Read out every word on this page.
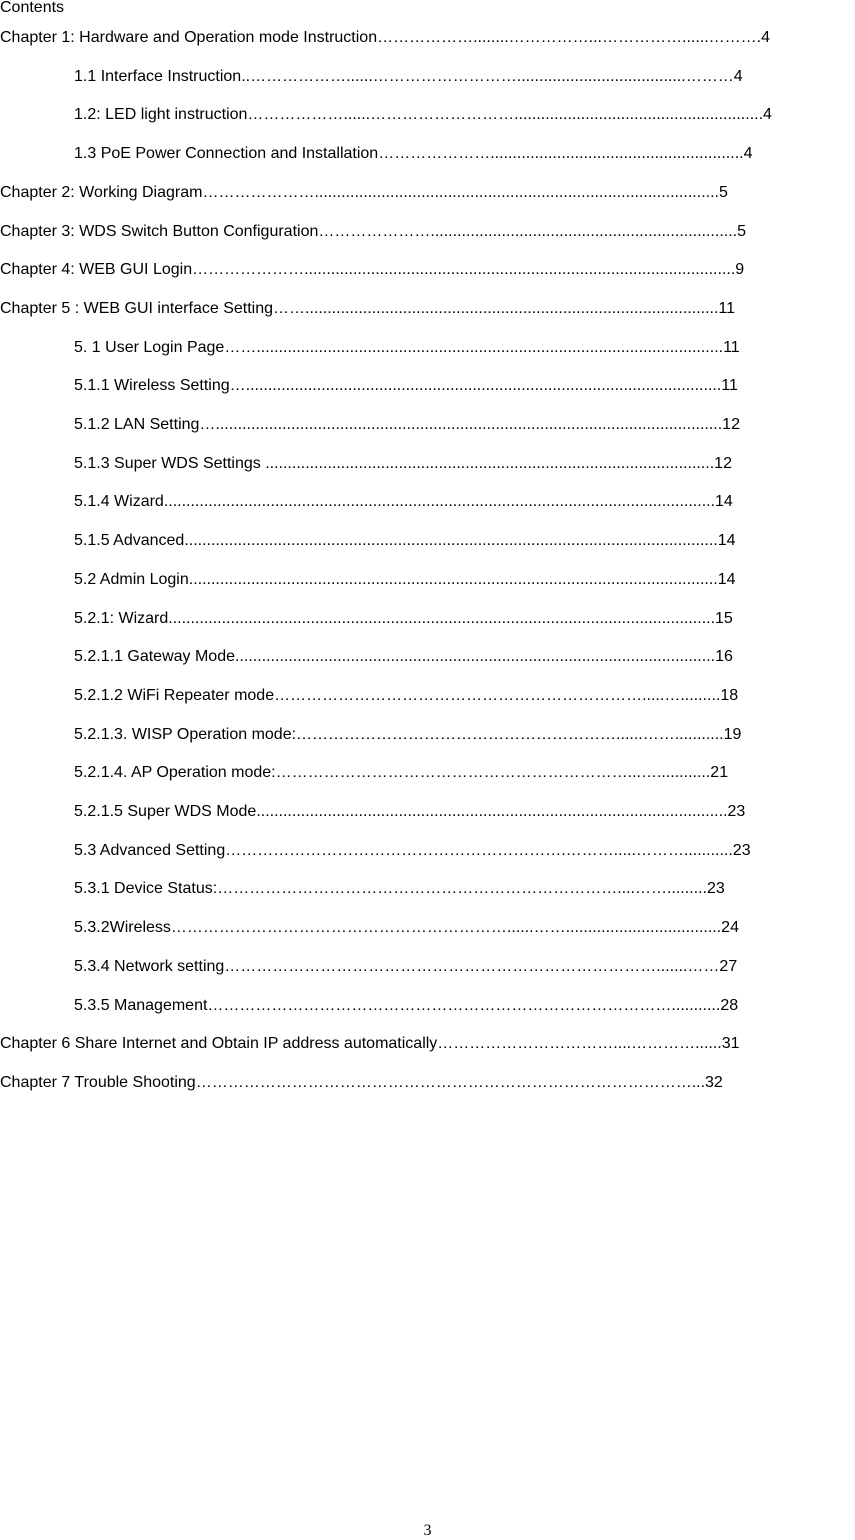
Contents
Chapter 1: Hardware and Operation mode Instruction………………........……………...……………......……….4
1.1 Interface Instruction..………………......………………………......................................………4
1.2: LED light instruction………………......………………………........................................................4
1.3 PoE Power Connection and Installation………………….........................................................4
Chapter 2: Working Diagram…………………...........................................................................................5
Chapter 3: WDS Switch Button Configuration………………….....................................................................5
Chapter 4: WEB GUI Login………………….................................................................................................9
Chapter 5 : WEB GUI interface Setting…….............................................................................................11
5. 1 User Login Page…….........................................................................................................11
5.1.1 Wireless Setting…...........................................................................................................11
5.1.2 LAN Setting…..................................................................................................................12
5.1.3 Super WDS Settings .....................................................................................................12
5.1.4 Wizard............................................................................................................................14
5.1.5 Advanced........................................................................................................................14
5.2 Admin Login.......................................................................................................................14
5.2.1: Wizard...........................................................................................................................15
5.2.1.1 Gateway Mode............................................................................................................16
5.2.1.2 WiFi Repeater mode…………………………………………………………….....….........18
5.2.1.3. WISP Operation mode:……………………………………………………......……...........19
5.2.1.4. AP Operation mode:…………………………………………………………...…............21
5.2.1.5 Super WDS Mode..........................................................................................................23
5.3 Advanced Setting……………………………………………………….……….....………...........23
5.3.1 Device Status:…………………………………………………………………....…….........23
5.3.2Wireless………………………………………………………......……...................................24
5.3.4 Network setting……………………………………………………………………….......……27
5.3.5 Management……………………………………………………………………………...........28
Chapter 6 Share Internet and Obtain IP address automatically……………………………....…………......31
Chapter 7 Trouble Shooting…………………………………………………………………………………...32
3
